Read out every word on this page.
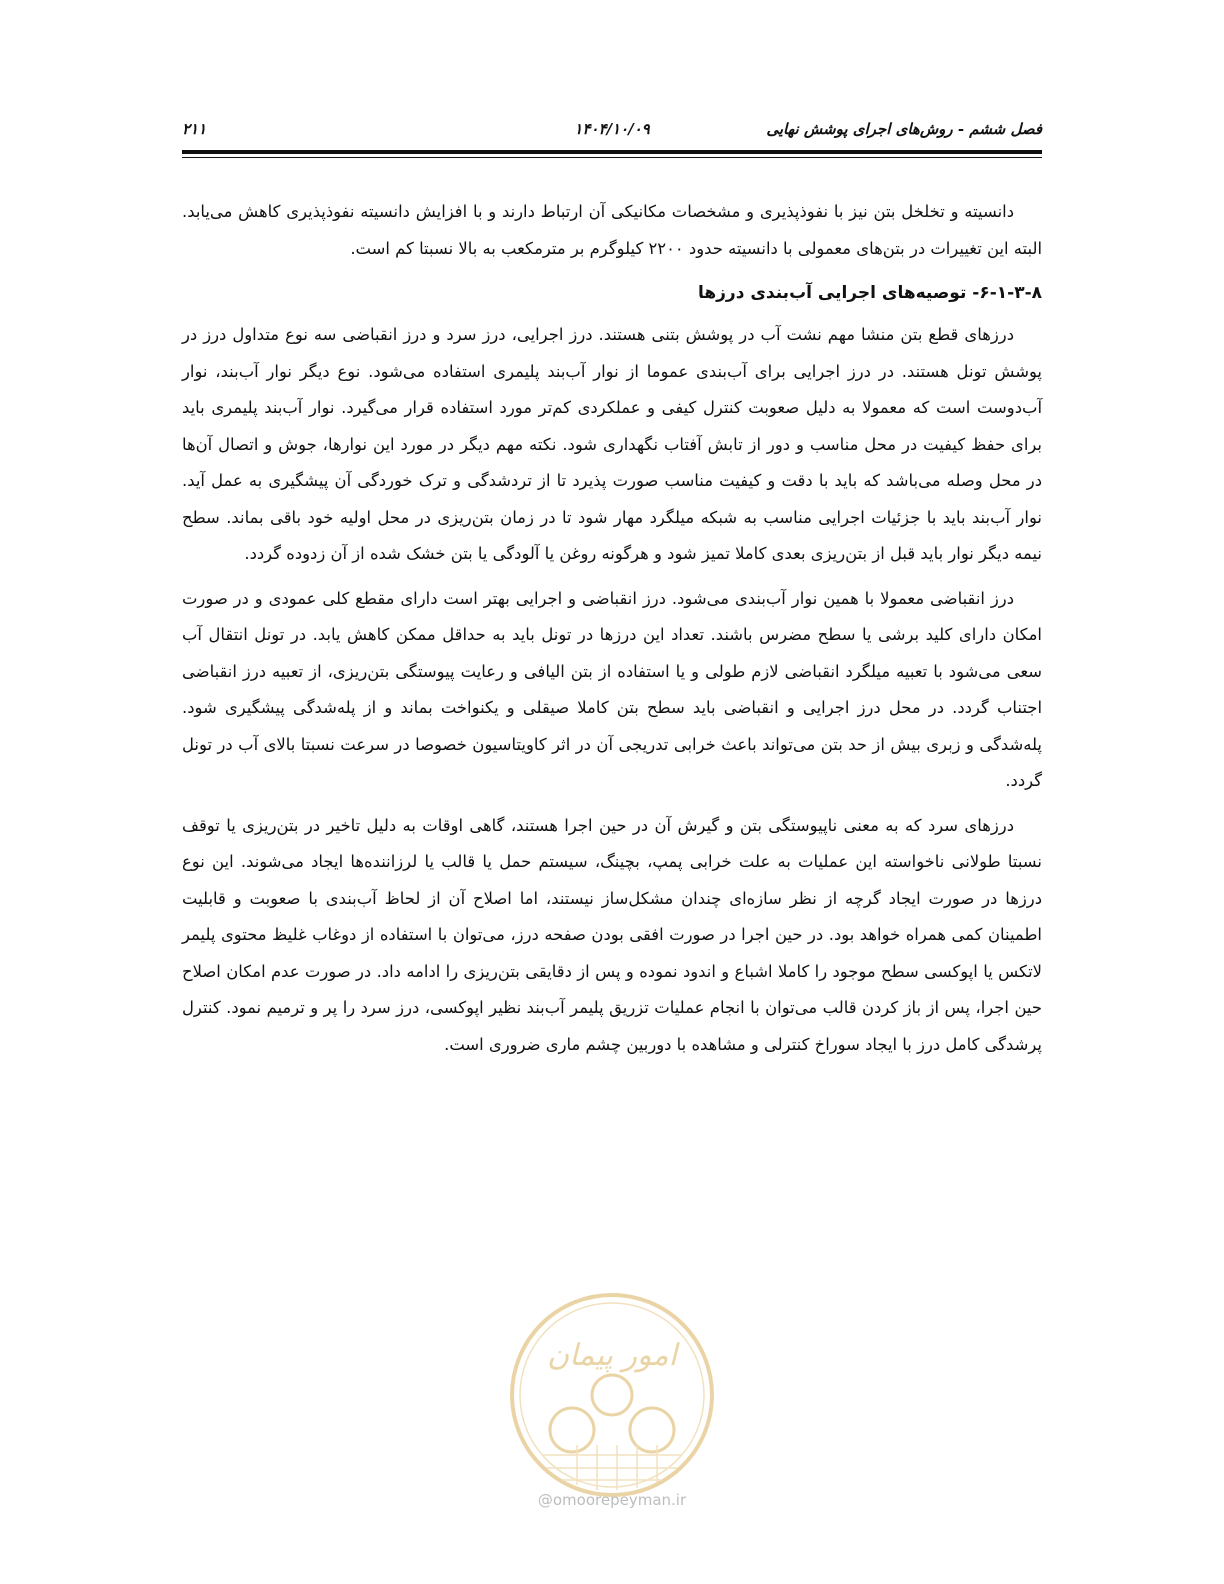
فصل ششم - روش‌های اجرای پوشش نهایی
۱۴۰۴/۱۰/۰۹
۲۱۱

دانسیته و تخلخل بتن نیز با نفوذپذیری و مشخصات مکانیکی آن ارتباط دارند و با افزایش دانسیته نفوذپذیری کاهش می‌یابد. البته این تغییرات در بتن‌های معمولی با دانسیته حدود ۲۲۰۰ کیلوگرم بر مترمکعب به بالا نسبتا کم است.

۶-۱-۳-۸- توصیه‌های اجرایی آب‌بندی درزها

درزهای قطع بتن منشا مهم نشت آب در پوشش بتنی هستند. درز اجرایی، درز سرد و درز انقباضی سه نوع متداول درز در پوشش تونل هستند. در درز اجرایی برای آب‌بندی عموما از نوار آب‌بند پلیمری استفاده می‌شود. نوع دیگر نوار آب‌بند، نوار آب‌دوست است که معمولا به دلیل صعوبت کنترل کیفی و عملکردی کم‌تر مورد استفاده قرار می‌گیرد. نوار آب‌بند پلیمری باید برای حفظ کیفیت در محل مناسب و دور از تابش آفتاب نگهداری شود. نکته مهم دیگر در مورد این نوارها، جوش و اتصال آن‌ها در محل وصله می‌باشد که باید با دقت و کیفیت مناسب صورت پذیرد تا از تردشدگی و ترک خوردگی آن پیشگیری به عمل آید. نوار آب‌بند باید با جزئیات اجرایی مناسب به شبکه میلگرد مهار شود تا در زمان بتن‌ریزی در محل اولیه خود باقی بماند. سطح نیمه دیگر نوار باید قبل از بتن‌ریزی بعدی کاملا تمیز شود و هرگونه روغن یا آلودگی یا بتن خشک شده از آن زدوده گردد.

درز انقباضی معمولا با همین نوار آب‌بندی می‌شود. درز انقباضی و اجرایی بهتر است دارای مقطع کلی عمودی و در صورت امکان دارای کلید برشی یا سطح مضرس باشند. تعداد این درزها در تونل باید به حداقل ممکن کاهش یابد. در تونل انتقال آب سعی می‌شود با تعبیه میلگرد انقباضی لازم طولی و یا استفاده از بتن الیافی و رعایت پیوستگی بتن‌ریزی، از تعبیه درز انقباضی اجتناب گردد. در محل درز اجرایی و انقباضی باید سطح بتن کاملا صیقلی و یکنواخت بماند و از پله‌شدگی پیشگیری شود. پله‌شدگی و زبری بیش از حد بتن می‌تواند باعث خرابی تدریجی آن در اثر کاویتاسیون خصوصا در سرعت نسبتا بالای آب در تونل گردد.

درزهای سرد که به معنی ناپیوستگی بتن و گیرش آن در حین اجرا هستند، گاهی اوقات به دلیل تاخیر در بتن‌ریزی یا توقف نسبتا طولانی ناخواسته این عملیات به علت خرابی پمپ، بچینگ، سیستم حمل یا قالب یا لرزاننده‌ها ایجاد می‌شوند. این نوع درزها در صورت ایجاد گرچه از نظر سازه‌ای چندان مشکل‌ساز نیستند، اما اصلاح آن از لحاظ آب‌بندی با صعوبت و قابلیت اطمینان کمی همراه خواهد بود. در حین اجرا در صورت افقی بودن صفحه درز، می‌توان با استفاده از دوغاب غلیظ محتوی پلیمر لاتکس یا اپوکسی سطح موجود را کاملا اشباع و اندود نموده و پس از دقایقی بتن‌ریزی را ادامه داد. در صورت عدم امکان اصلاح حین اجرا، پس از باز کردن قالب می‌توان با انجام عملیات تزریق پلیمر آب‌بند نظیر اپوکسی، درز سرد را پر و ترمیم نمود. کنترل پرشدگی کامل درز با ایجاد سوراخ کنترلی و مشاهده با دوربین چشم ماری ضروری است.

امور پیمان
@omoorepeyman.ir
